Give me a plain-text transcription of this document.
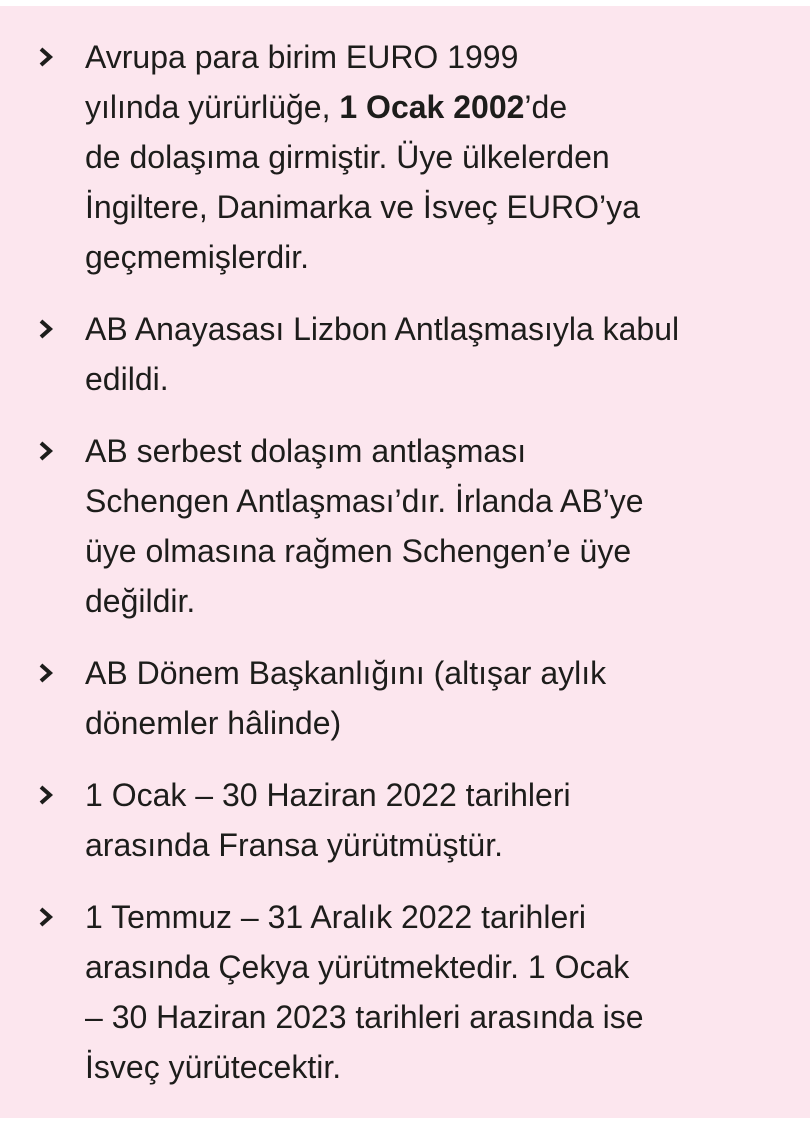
Avrupa para birim EURO 1999
yılında yürürlüğe, 1 Ocak 2002’de
de dolaşıma girmiştir. Üye ülkelerden
İngiltere, Danimarka ve İsveç EURO’ya
geçmemişlerdir.
AB Anayasası Lizbon Antlaşmasıyla kabul
edildi.
AB serbest dolaşım antlaşması
Schengen Antlaşması’dır. İrlanda AB’ye
üye olmasına rağmen Schengen’e üye
değildir.
AB Dönem Başkanlığını (altışar aylık
dönemler hâlinde)
1 Ocak – 30 Haziran 2022 tarihleri
arasında Fransa yürütmüştür.
1 Temmuz – 31 Aralık 2022 tarihleri
arasında Çekya yürütmektedir. 1 Ocak
– 30 Haziran 2023 tarihleri arasında ise
İsveç yürütecektir.
